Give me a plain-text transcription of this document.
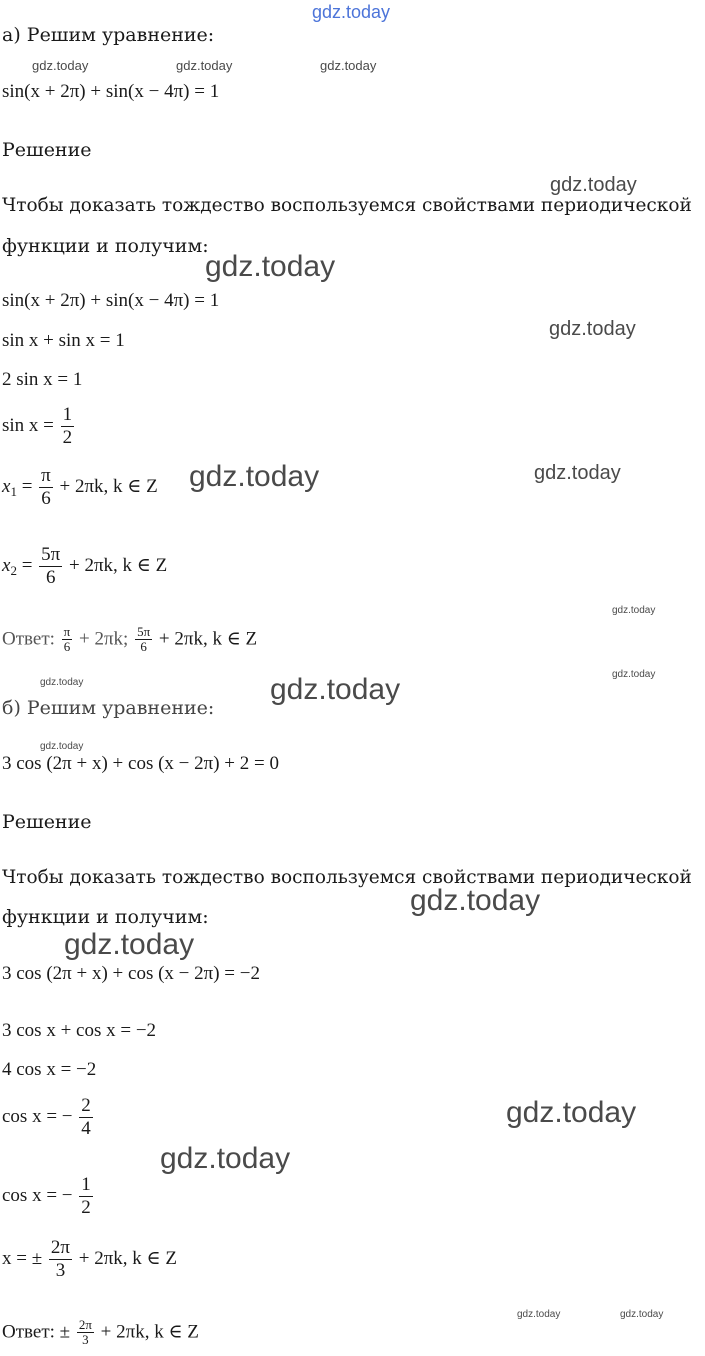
gdz.today
gdz.today	gdz.today	gdz.today
gdz.today
gdz.today
gdz.today
gdz.today	gdz.today
gdz.today
gdz.today
gdz.today	gdz.today
gdz.today
gdz.today
gdz.today
gdz.today
gdz.today
gdz.today	gdz.today
а) Решим уравнение:
sin(x + 2π) + sin(x − 4π) = 1
Решение
Чтобы доказать тождество воспользуемся свойствами периодической
функции и получим:
sin(x + 2π) + sin(x − 4π) = 1
sin x + sin x = 1
2 sin x = 1
$\sin x = \frac{1}{2}$
$x_1 = \frac{\pi}{6} + 2\pi k$, k ∈ Z
$x_2 = \frac{5\pi}{6} + 2\pi k$, k ∈ Z
Ответ: $\frac{\pi}{6} + 2\pi k$; $\frac{5\pi}{6} + 2\pi k$, k ∈ Z
б) Решим уравнение:
3 cos (2π + x) + cos (x − 2π) + 2 = 0
Решение
Чтобы доказать тождество воспользуемся свойствами периодической
функции и получим:
3 cos (2π + x) + cos (x − 2π) = −2
3 cos x + cos x = −2
4 cos x = −2
cos x = − $\frac{2}{4}$
cos x = − $\frac{1}{2}$
x = ± $\frac{2\pi}{3} + 2\pi k$, k ∈ Z
Ответ: ± $\frac{2\pi}{3} + 2\pi k$, k ∈ Z
